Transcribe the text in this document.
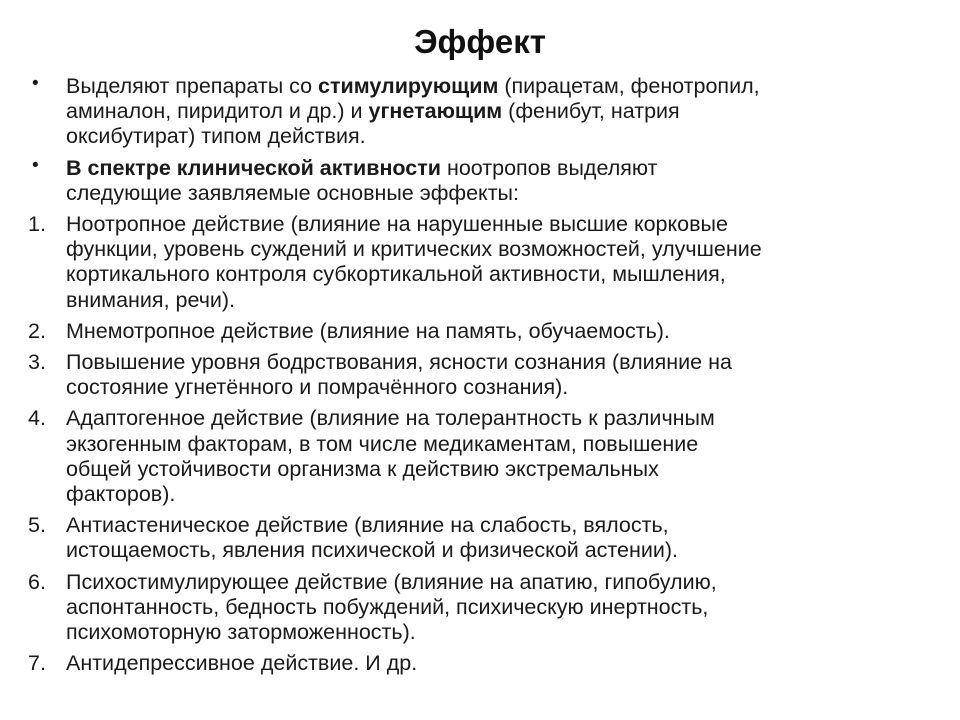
Эффект
•	Выделяют препараты со стимулирующим (пирацетам, фенотропил,
аминалон, пиридитол и др.) и угнетающим (фенибут, натрия
оксибутират) типом действия.
•	В спектре клинической активности ноотропов выделяют
следующие заявляемые основные эффекты:
1. Ноотропное действие (влияние на нарушенные высшие корковые
функции, уровень суждений и критических возможностей, улучшение
кортикального контроля субкортикальной активности, мышления,
внимания, речи).
2. Мнемотропное действие (влияние на память, обучаемость).
3. Повышение уровня бодрствования, ясности сознания (влияние на
состояние угнетённого и помрачённого сознания).
4. Адаптогенное действие (влияние на толерантность к различным
экзогенным факторам, в том числе медикаментам, повышение
общей устойчивости организма к действию экстремальных
факторов).
5. Антиастеническое действие (влияние на слабость, вялость,
истощаемость, явления психической и физической астении).
6. Психостимулирующее действие (влияние на апатию, гипобулию,
аспонтанность, бедность побуждений, психическую инертность,
психомоторную заторможенность).
7. Антидепрессивное действие. И др.
